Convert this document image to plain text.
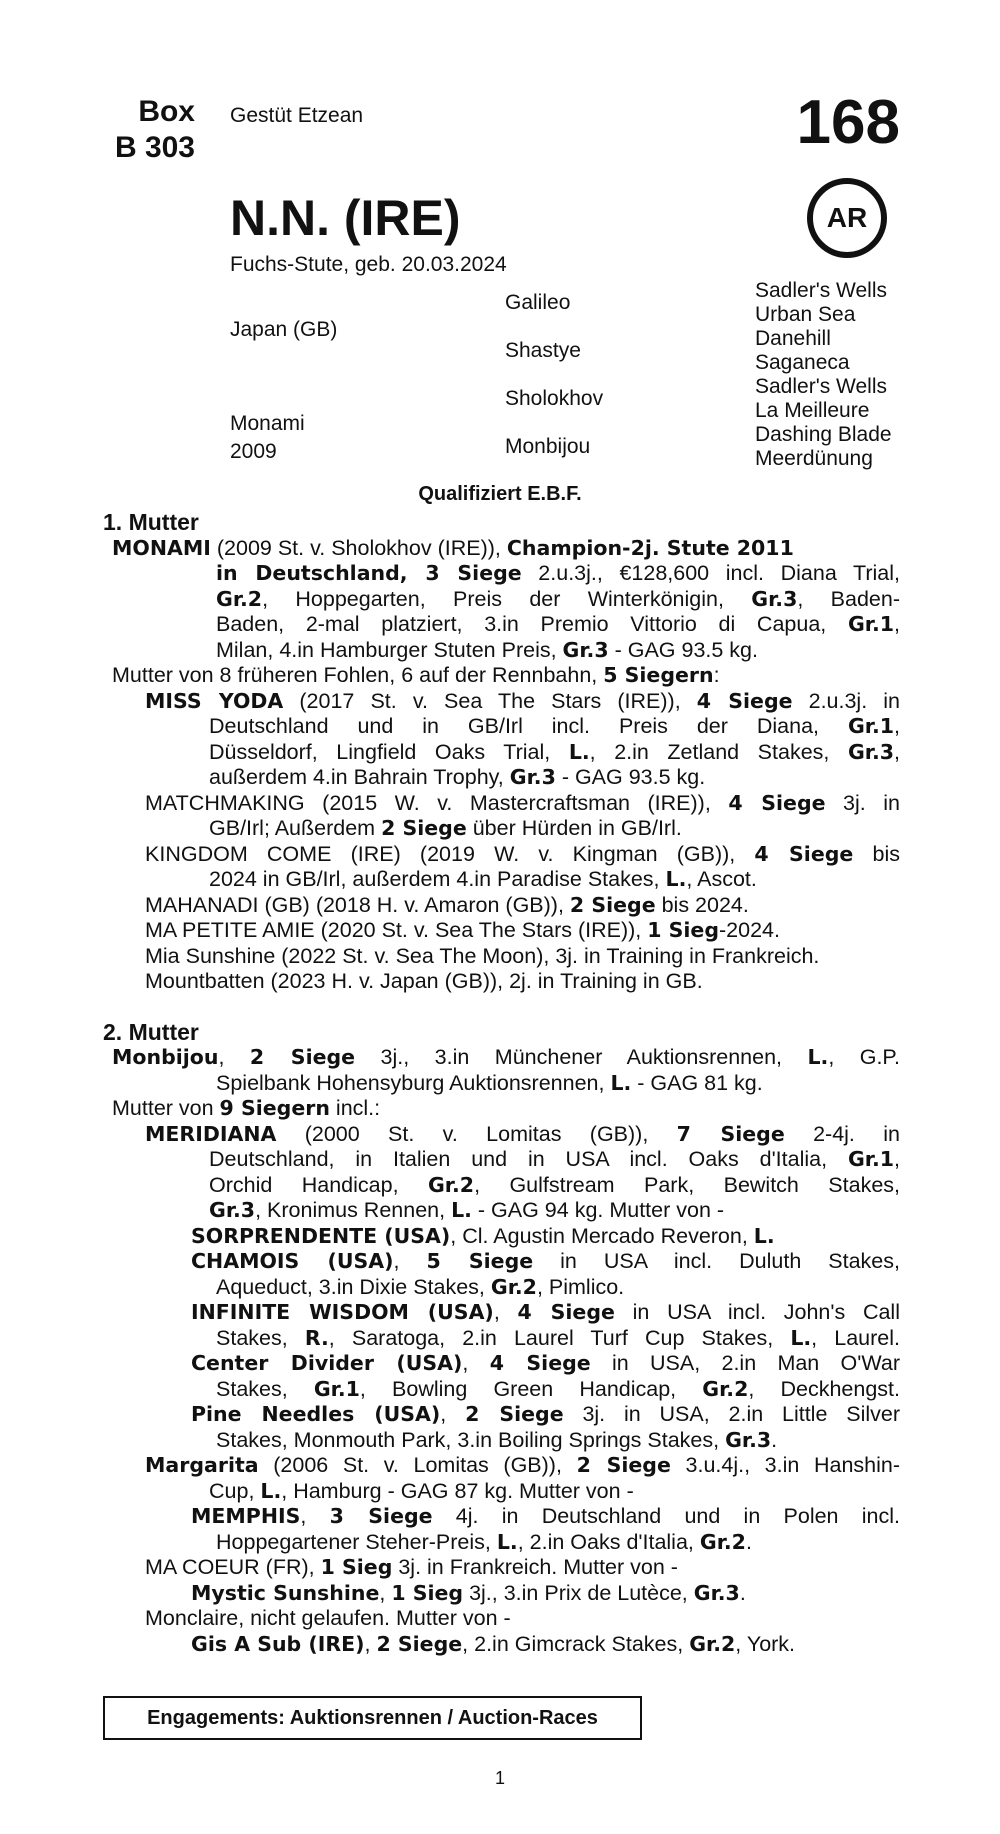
Box
B 303
Gestüt Etzean	168
AR
N.N. (IRE)
Fuchs-Stute, geb. 20.03.2024
Japan (GB)
Monami
2009
Galileo
Shastye
Sholokhov
Monbijou
Sadler's Wells
Urban Sea
Danehill
Saganeca
Sadler's Wells
La Meilleure
Dashing Blade
Meerdünung
Qualifiziert E.B.F.
1. Mutter
MONAMI (2009 St. v. Sholokhov (IRE)), Champion-2j. Stute 2011
in Deutschland, 3 Siege 2.u.3j., €128,600 incl. Diana Trial,
Gr.2, Hoppegarten, Preis der Winterkönigin, Gr.3, Baden-
Baden, 2-mal platziert, 3.in Premio Vittorio di Capua, Gr.1,
Milan, 4.in Hamburger Stuten Preis, Gr.3 - GAG 93.5 kg.
Mutter von 8 früheren Fohlen, 6 auf der Rennbahn, 5 Siegern:
MISS YODA (2017 St. v. Sea The Stars (IRE)), 4 Siege 2.u.3j. in
Deutschland und in GB/Irl incl. Preis der Diana, Gr.1,
Düsseldorf, Lingfield Oaks Trial, L., 2.in Zetland Stakes, Gr.3,
außerdem 4.in Bahrain Trophy, Gr.3 - GAG 93.5 kg.
MATCHMAKING (2015 W. v. Mastercraftsman (IRE)), 4 Siege 3j. in
GB/Irl; Außerdem 2 Siege über Hürden in GB/Irl.
KINGDOM COME (IRE) (2019 W. v. Kingman (GB)), 4 Siege bis
2024 in GB/Irl, außerdem 4.in Paradise Stakes, L., Ascot.
MAHANADI (GB) (2018 H. v. Amaron (GB)), 2 Siege bis 2024.
MA PETITE AMIE (2020 St. v. Sea The Stars (IRE)), 1 Sieg-2024.
Mia Sunshine (2022 St. v. Sea The Moon), 3j. in Training in Frankreich.
Mountbatten (2023 H. v. Japan (GB)), 2j. in Training in GB.
2. Mutter
Monbijou, 2 Siege 3j., 3.in Münchener Auktionsrennen, L., G.P.
Spielbank Hohensyburg Auktionsrennen, L. - GAG 81 kg.
Mutter von 9 Siegern incl.:
MERIDIANA (2000 St. v. Lomitas (GB)), 7 Siege 2-4j. in
Deutschland, in Italien und in USA incl. Oaks d'Italia, Gr.1,
Orchid Handicap, Gr.2, Gulfstream Park, Bewitch Stakes,
Gr.3, Kronimus Rennen, L. - GAG 94 kg. Mutter von -
SORPRENDENTE (USA), Cl. Agustin Mercado Reveron, L.
CHAMOIS (USA), 5 Siege in USA incl. Duluth Stakes,
Aqueduct, 3.in Dixie Stakes, Gr.2, Pimlico.
INFINITE WISDOM (USA), 4 Siege in USA incl. John's Call
Stakes, R., Saratoga, 2.in Laurel Turf Cup Stakes, L., Laurel.
Center Divider (USA), 4 Siege in USA, 2.in Man O'War
Stakes, Gr.1, Bowling Green Handicap, Gr.2, Deckhengst.
Pine Needles (USA), 2 Siege 3j. in USA, 2.in Little Silver
Stakes, Monmouth Park, 3.in Boiling Springs Stakes, Gr.3.
Margarita (2006 St. v. Lomitas (GB)), 2 Siege 3.u.4j., 3.in Hanshin-
Cup, L., Hamburg - GAG 87 kg. Mutter von -
MEMPHIS, 3 Siege 4j. in Deutschland und in Polen incl.
Hoppegartener Steher-Preis, L., 2.in Oaks d'Italia, Gr.2.
MA COEUR (FR), 1 Sieg 3j. in Frankreich. Mutter von -
Mystic Sunshine, 1 Sieg 3j., 3.in Prix de Lutèce, Gr.3.
Monclaire, nicht gelaufen. Mutter von -
Gis A Sub (IRE), 2 Siege, 2.in Gimcrack Stakes, Gr.2, York.
Engagements: Auktionsrennen / Auction-Races
1
